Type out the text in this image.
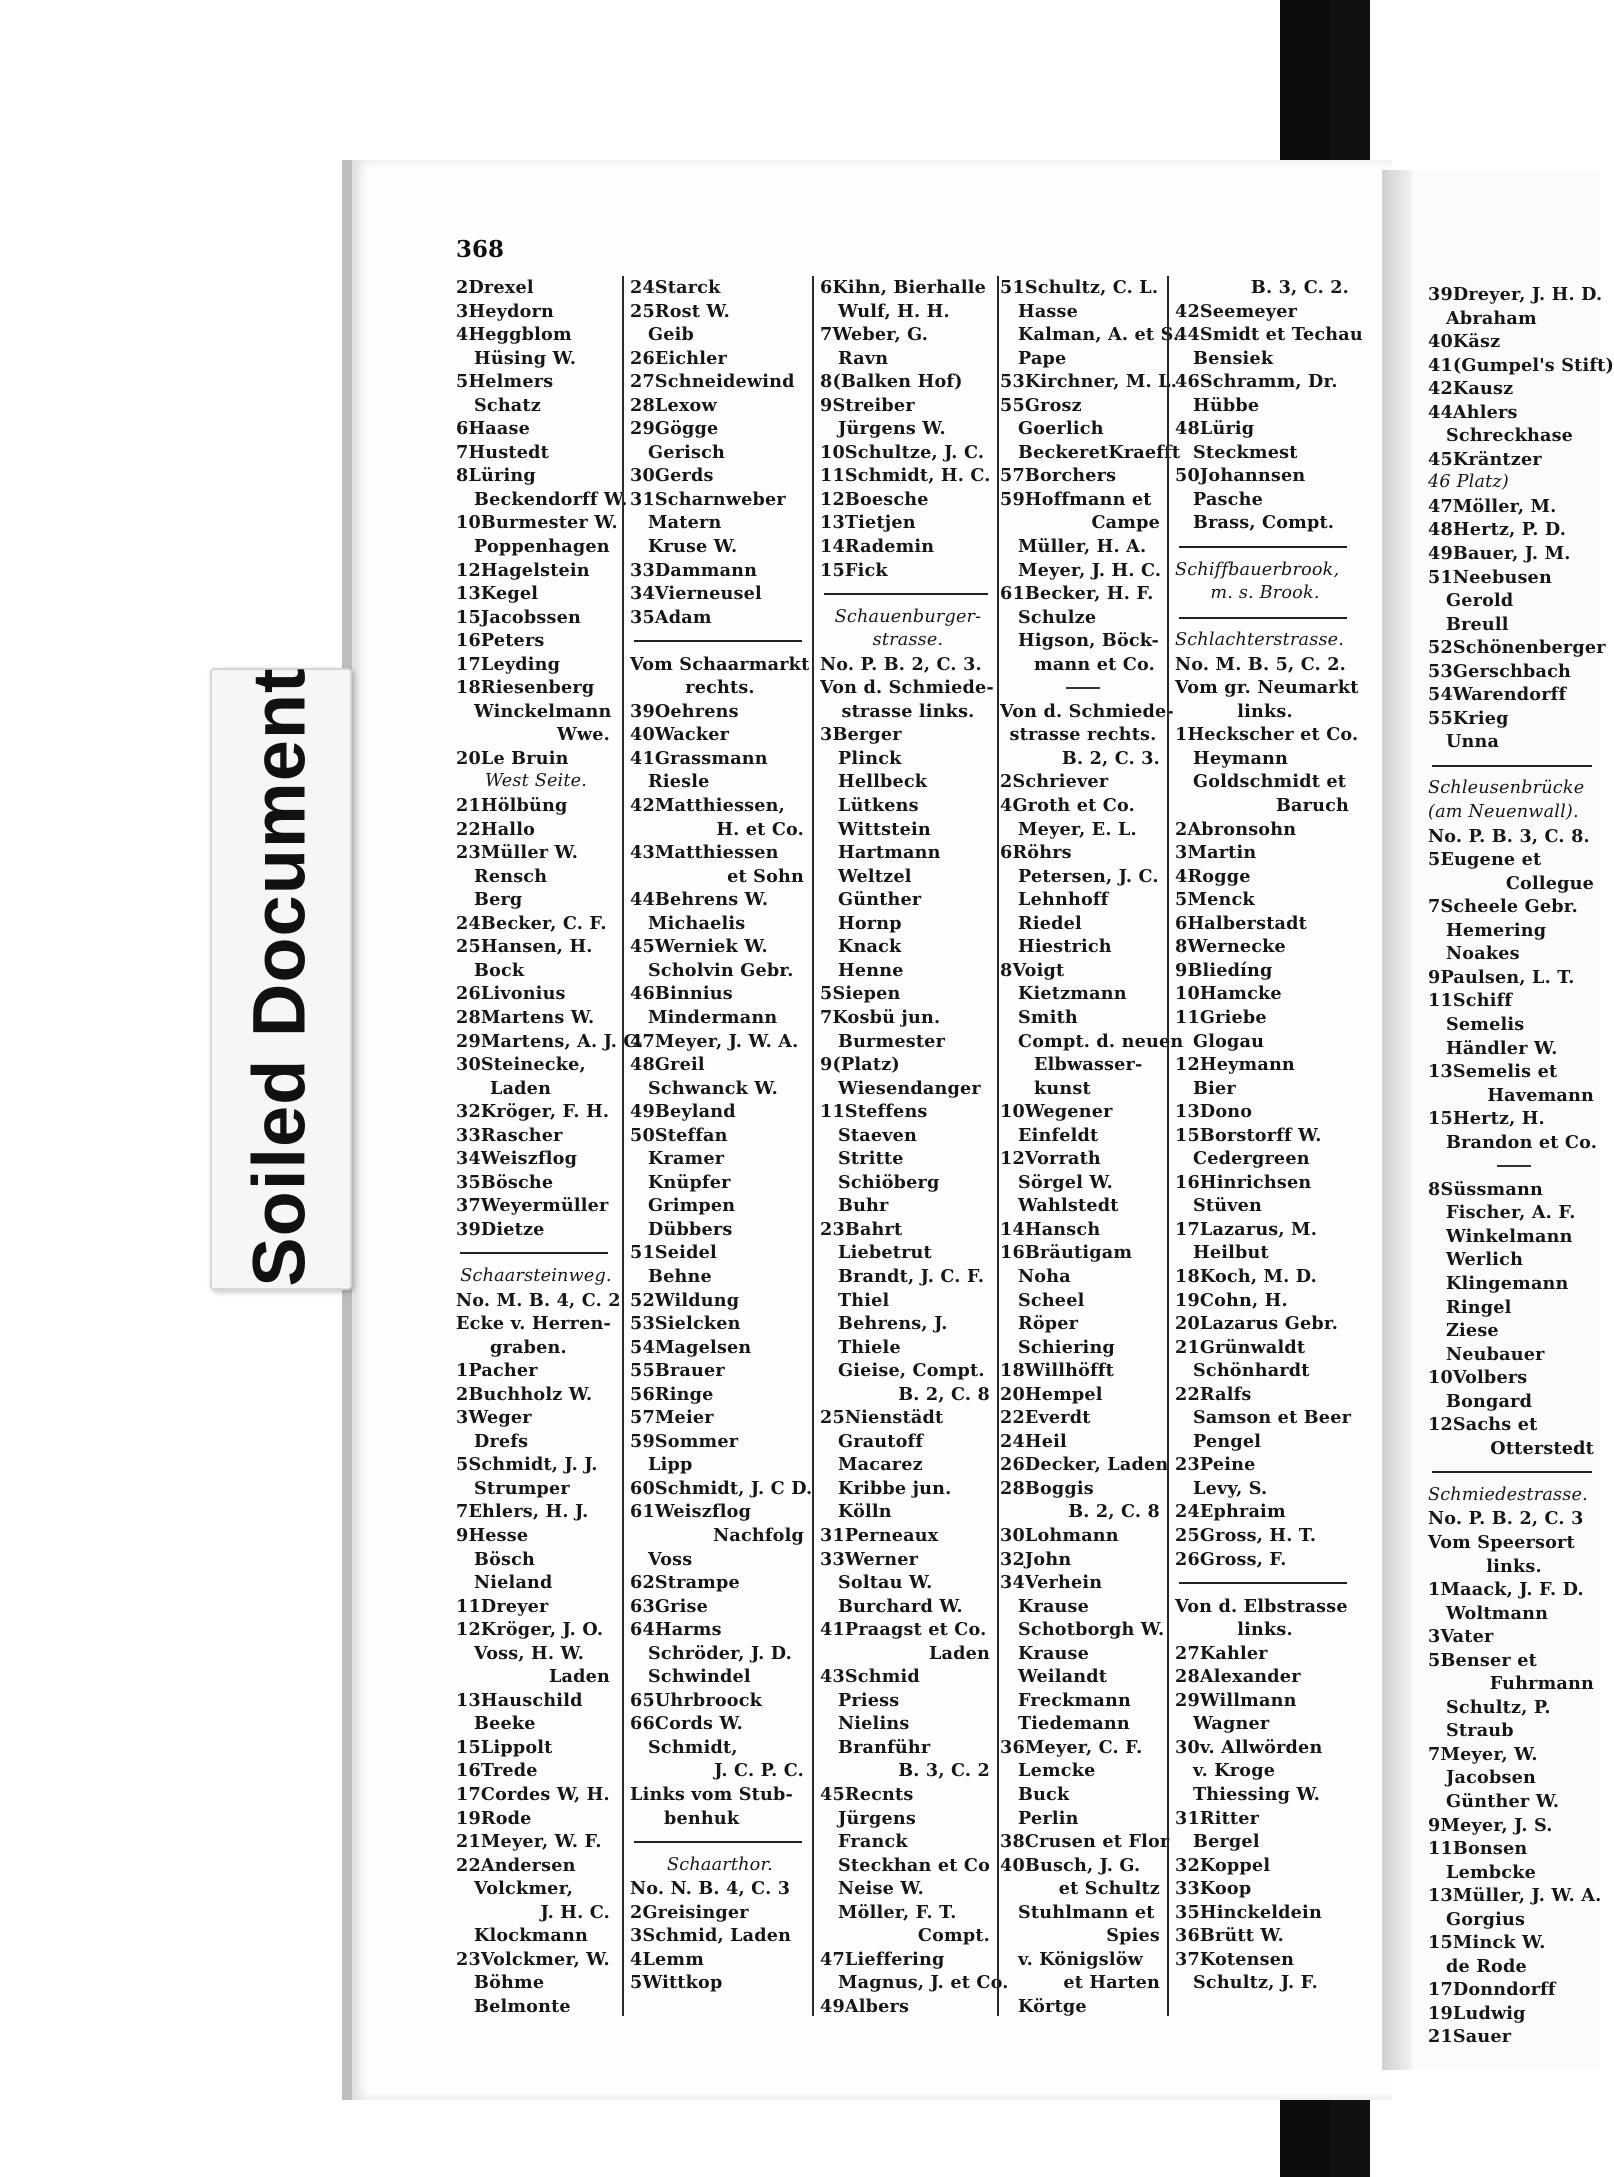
Soiled Document
368
2Drexel
3Heydorn
4Heggblom
Hüsing W.
5Helmers
Schatz
6Haase
7Hustedt
8Lüring
Beckendorff W.
10Burmester W.
Poppenhagen
12Hagelstein
13Kegel
15Jacobssen
16Peters
17Leyding
18Riesenberg
Winckelmann
Wwe.
20Le Bruin
West Seite.
21Hölbüng
22Hallo
23Müller W.
Rensch
Berg
24Becker, C. F.
25Hansen, H.
Bock
26Livonius
28Martens W.
29Martens, A. J. C.
30Steinecke,
Laden
32Kröger, F. H.
33Rascher
34Weiszflog
35Bösche
37Weyermüller
39Dietze
Schaarsteinweg.
No. M. B. 4, C. 2
Ecke v. Herren-
graben.
1Pacher
2Buchholz W.
3Weger
Drefs
5Schmidt, J. J.
Strumper
7Ehlers, H. J.
9Hesse
Bösch
Nieland
11Dreyer
12Kröger, J. O.
Voss, H. W.
Laden
13Hauschild
Beeke
15Lippolt
16Trede
17Cordes W, H.
19Rode
21Meyer, W. F.
22Andersen
Volckmer,
J. H. C.
Klockmann
23Volckmer, W.
Böhme
Belmonte
24Starck
25Rost W.
Geib
26Eichler
27Schneidewind
28Lexow
29Gögge
Gerisch
30Gerds
31Scharnweber
Matern
Kruse W.
33Dammann
34Vierneusel
35Adam
Vom Schaarmarkt
rechts.
39Oehrens
40Wacker
41Grassmann
Riesle
42Matthiessen,
H. et Co.
43Matthiessen
et Sohn
44Behrens W.
Michaelis
45Werniek W.
Scholvin Gebr.
46Binnius
Mindermann
47Meyer, J. W. A.
48Greil
Schwanck W.
49Beyland
50Steffan
Kramer
Knüpfer
Grimpen
Dübbers
51Seidel
Behne
52Wildung
53Sielcken
54Magelsen
55Brauer
56Ringe
57Meier
59Sommer
Lipp
60Schmidt, J. C D.
61Weiszflog
Nachfolg
Voss
62Strampe
63Grise
64Harms
Schröder, J. D.
Schwindel
65Uhrbroock
66Cords W.
Schmidt,
J. C. P. C.
Links vom Stub-
benhuk
Schaarthor.
No. N. B. 4, C. 3
2Greisinger
3Schmid, Laden
4Lemm
5Wittkop
6Kihn, Bierhalle
Wulf, H. H.
7Weber, G.
Ravn
8(Balken Hof)
9Streiber
Jürgens W.
10Schultze, J. C.
11Schmidt, H. C.
12Boesche
13Tietjen
14Rademin
15Fick
Schauenburger-
strasse.
No. P. B. 2, C. 3.
Von d. Schmiede-
strasse links.
3Berger
Plinck
Hellbeck
Lütkens
Wittstein
Hartmann
Weltzel
Günther
Hornp
Knack
Henne
5Siepen
7Kosbü jun.
Burmester
9(Platz)
Wiesendanger
11Steffens
Staeven
Stritte
Schiöberg
Buhr
23Bahrt
Liebetrut
Brandt, J. C. F.
Thiel
Behrens, J.
Thiele
Gieise, Compt.
B. 2, C. 8
25Nienstädt
Grautoff
Macarez
Kribbe jun.
Kölln
31Perneaux
33Werner
Soltau W.
Burchard W.
41Praagst et Co.
Laden
43Schmid
Priess
Nielins
Branführ
B. 3, C. 2
45Recnts
Jürgens
Franck
Steckhan et Co
Neise W.
Möller, F. T.
Compt.
47Lieffering
Magnus, J. et Co.
49Albers
51Schultz, C. L.
Hasse
Kalman, A. et S.
Pape
53Kirchner, M. L.
55Grosz
Goerlich
BeckeretKraefft
57Borchers
59Hoffmann et
Campe
Müller, H. A.
Meyer, J. H. C.
61Becker, H. F.
Schulze
Higson, Böck-
mann et Co.
Von d. Schmiede-
strasse rechts.
B. 2, C. 3.
2Schriever
4Groth et Co.
Meyer, E. L.
6Röhrs
Petersen, J. C.
Lehnhoff
Riedel
Hiestrich
8Voigt
Kietzmann
Smith
Compt. d. neuen
Elbwasser-
kunst
10Wegener
Einfeldt
12Vorrath
Sörgel W.
Wahlstedt
14Hansch
16Bräutigam
Noha
Scheel
Röper
Schiering
18Willhöfft
20Hempel
22Everdt
24Heil
26Decker, Laden
28Boggis
B. 2, C. 8
30Lohmann
32John
34Verhein
Krause
Schotborgh W.
Krause
Weilandt
Freckmann
Tiedemann
36Meyer, C. F.
Lemcke
Buck
Perlin
38Crusen et Flor
40Busch, J. G.
et Schultz
Stuhlmann et
Spies
v. Königslöw
et Harten
Körtge
B. 3, C. 2.
42Seemeyer
44Smidt et Techau
Bensiek
46Schramm, Dr.
Hübbe
48Lürig
Steckmest
50Johannsen
Pasche
Brass, Compt.
Schiffbauerbrook,
m. s. Brook.
Schlachterstrasse.
No. M. B. 5, C. 2.
Vom gr. Neumarkt
links.
1Heckscher et Co.
Heymann
Goldschmidt et
Baruch
2Abronsohn
3Martin
4Rogge
5Menck
6Halberstadt
8Wernecke
9Bliedíng
10Hamcke
11Griebe
Glogau
12Heymann
Bier
13Dono
15Borstorff W.
Cedergreen
16Hinrichsen
Stüven
17Lazarus, M.
Heilbut
18Koch, M. D.
19Cohn, H.
20Lazarus Gebr.
21Grünwaldt
Schönhardt
22Ralfs
Samson et Beer
Pengel
23Peine
Levy, S.
24Ephraim
25Gross, H. T.
26Gross, F.
Von d. Elbstrasse
links.
27Kahler
28Alexander
29Willmann
Wagner
30v. Allwörden
v. Kroge
Thiessing W.
31Ritter
Bergel
32Koppel
33Koop
35Hinckeldein
36Brütt W.
37Kotensen
Schultz, J. F.
39Dreyer, J. H. D.
Abraham
40Käsz
41(Gumpel's Stift)
42Kausz
44Ahlers
Schreckhase
45Kräntzer
46 Platz)
47Möller, M.
48Hertz, P. D.
49Bauer, J. M.
51Neebusen
Gerold
Breull
52Schönenberger
53Gerschbach
54Warendorff
55Krieg
Unna
Schleusenbrücke
(am Neuenwall).
No. P. B. 3, C. 8.
5Eugene et
Collegue
7Scheele Gebr.
Hemering
Noakes
9Paulsen, L. T.
11Schiff
Semelis
Händler W.
13Semelis et
Havemann
15Hertz, H.
Brandon et Co.
8Süssmann
Fischer, A. F.
Winkelmann
Werlich
Klingemann
Ringel
Ziese
Neubauer
10Volbers
Bongard
12Sachs et
Otterstedt
Schmiedestrasse.
No. P. B. 2, C. 3
Vom Speersort
links.
1Maack, J. F. D.
Woltmann
3Vater
5Benser et
Fuhrmann
Schultz, P.
Straub
7Meyer, W.
Jacobsen
Günther W.
9Meyer, J. S.
11Bonsen
Lembcke
13Müller, J. W. A.
Gorgius
15Minck W.
de Rode
17Donndorff
19Ludwig
21Sauer
